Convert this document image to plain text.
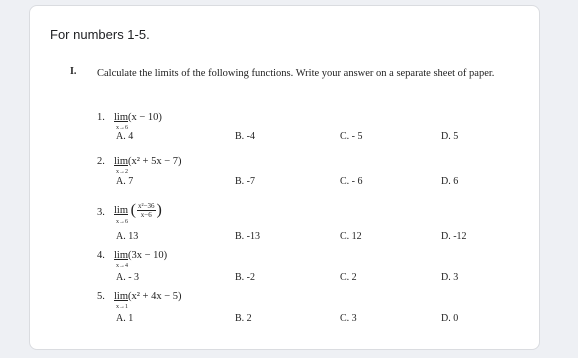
For numbers 1-5.
I. Calculate the limits of the following functions. Write your answer on a separate sheet of paper.
1. lim(x − 10)
x→6
A. 4	B. -4	C. - 5	D. 5
2. lim(x² + 5x − 7)
x→2
A. 7	B. -7	C. - 6	D. 6
3. lim ( $\frac{\text{x²−36}}{x-6}$ )
x→6
A. 13	B. -13	C. 12	D. -12
4. lim(3x − 10)
x→4
A. - 3	B. -2	C. 2	D. 3
5. lim(x² + 4x − 5)
x→1
A. 1	B. 2	C. 3	D. 0
